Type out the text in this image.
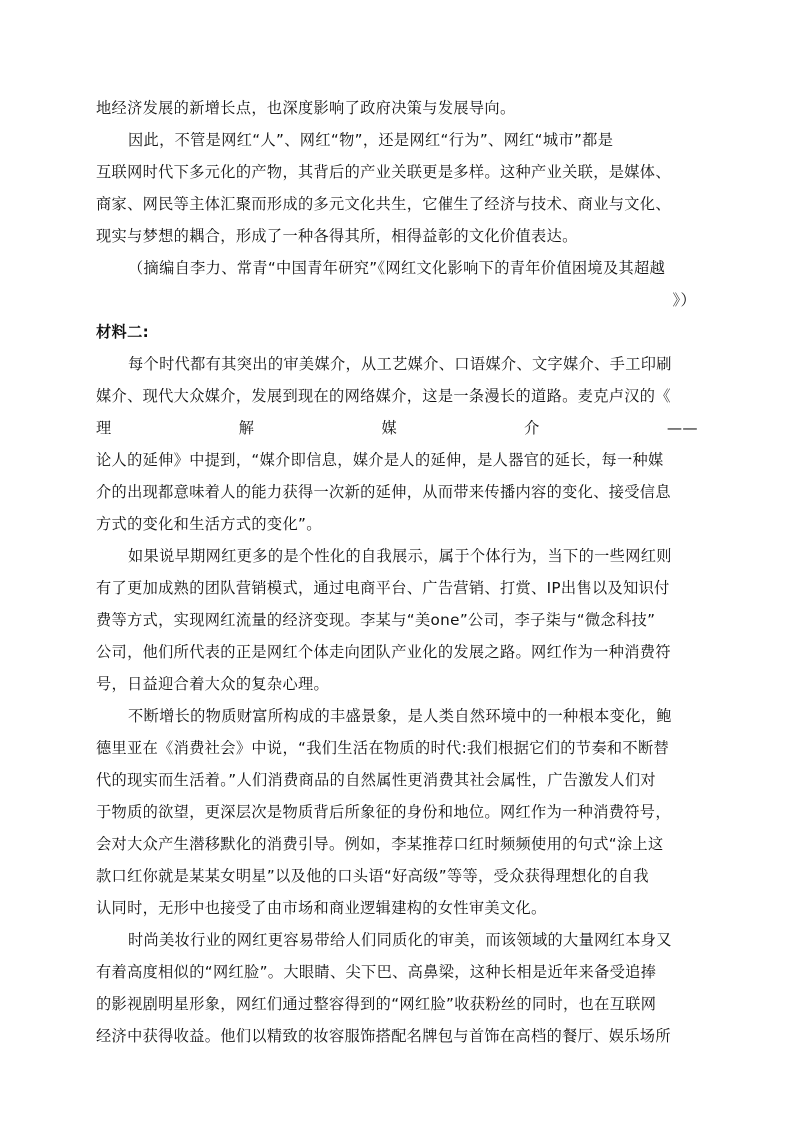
地经济发展的新增长点，也深度影响了政府决策与发展导向。
因此，不管是网红“人”、网红“物”，还是网红“行为”、网红“城市”都是
互联网时代下多元化的产物，其背后的产业关联更是多样。这种产业关联，是媒体、
商家、网民等主体汇聚而形成的多元文化共生，它催生了经济与技术、商业与文化、
现实与梦想的耦合，形成了一种各得其所，相得益彰的文化价值表达。
（摘编自李力、常青“中国青年研究”《网红文化影响下的青年价值困境及其超越
》）
材料二:
每个时代都有其突出的审美媒介，从工艺媒介、口语媒介、文字媒介、手工印刷
媒介、现代大众媒介，发展到现在的网络媒介，这是一条漫长的道路。麦克卢汉的《
理	解	媒	介	——
论人的延伸》中提到，“媒介即信息，媒介是人的延伸，是人器官的延长，每一种媒
介的出现都意味着人的能力获得一次新的延伸，从而带来传播内容的变化、接受信息
方式的变化和生活方式的变化”。
如果说早期网红更多的是个性化的自我展示，属于个体行为，当下的一些网红则
有了更加成熟的团队营销模式，通过电商平台、广告营销、打赏、IP出售以及知识付
费等方式，实现网红流量的经济变现。李某与“美one”公司，李子柒与“微念科技”
公司，他们所代表的正是网红个体走向团队产业化的发展之路。网红作为一种消费符
号，日益迎合着大众的复杂心理。
不断增长的物质财富所构成的丰盛景象，是人类自然环境中的一种根本变化，鲍
德里亚在《消费社会》中说，“我们生活在物质的时代:我们根据它们的节奏和不断替
代的现实而生活着。”人们消费商品的自然属性更消费其社会属性，广告激发人们对
于物质的欲望，更深层次是物质背后所象征的身份和地位。网红作为一种消费符号，
会对大众产生潜移默化的消费引导。例如，李某推荐口红时频频使用的句式“涂上这
款口红你就是某某女明星”以及他的口头语“好高级”等等，受众获得理想化的自我
认同时，无形中也接受了由市场和商业逻辑建构的女性审美文化。
时尚美妆行业的网红更容易带给人们同质化的审美，而该领域的大量网红本身又
有着高度相似的“网红脸”。大眼睛、尖下巴、高鼻梁，这种长相是近年来备受追捧
的影视剧明星形象，网红们通过整容得到的“网红脸”收获粉丝的同时，也在互联网
经济中获得收益。他们以精致的妆容服饰搭配名牌包与首饰在高档的餐厅、娱乐场所
